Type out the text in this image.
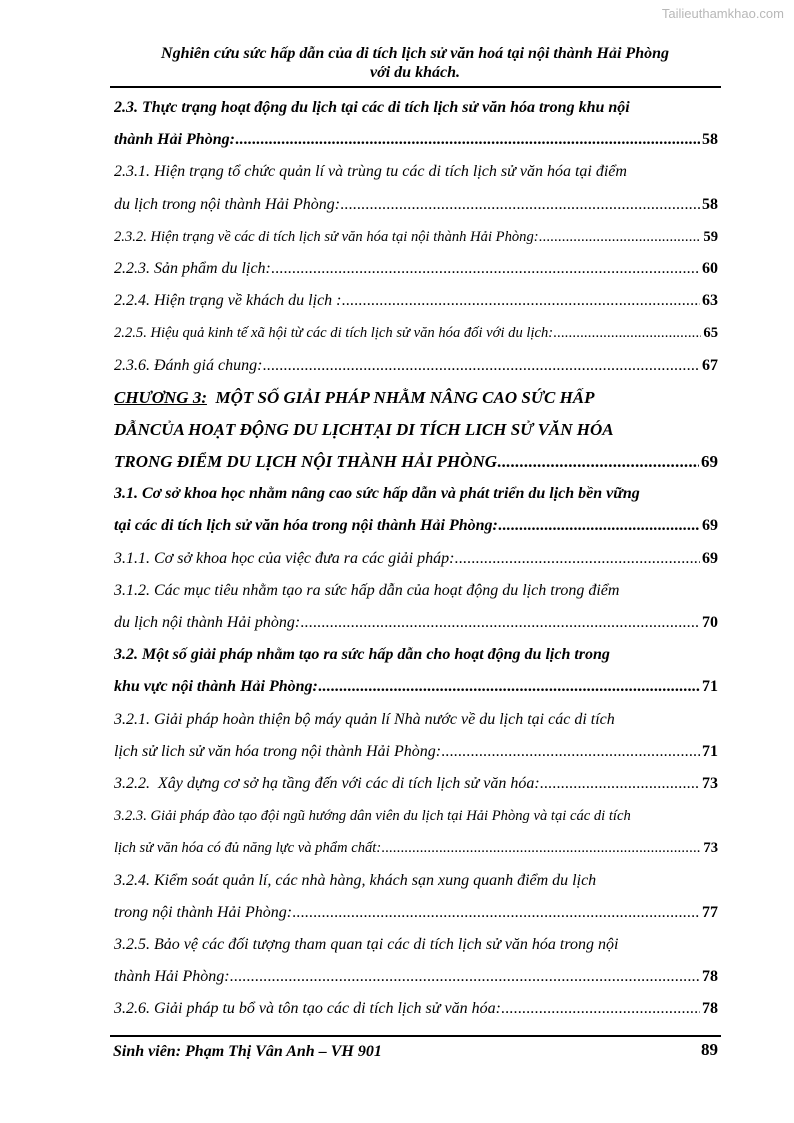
Tailieuthamkhao.com
Nghiên cứu sức hấp dẫn của di tích lịch sử văn hoá tại nội thành Hải Phòng
với du khách.
2.3. Thực trạng hoạt động du lịch tại các di tích lịch sử văn hóa trong khu nội
thành Hải Phòng: .....	58
2.3.1. Hiện trạng tổ chức quản lí và trùng tu các di tích lịch sử văn hóa tại điểm
du lịch trong nội thành Hải Phòng: .....	58
2.3.2. Hiện trạng về các di tích lịch sử văn hóa tại nội thành Hải Phòng: .....	59
2.2.3. Sản phẩm du lịch: .....	60
2.2.4. Hiện trạng về khách du lịch : .....	63
2.2.5. Hiệu quả kinh tế xã hội từ các di tích lịch sử văn hóa đối với du lịch: .....	65
2.3.6. Đánh giá chung: .....	67
CHƯƠNG 3: MỘT SỐ GIẢI PHÁP NHẰM NÂNG CAO SỨC HẤP
DẪNCỦA HOẠT ĐỘNG DU LỊCHTẠI DI TÍCH LICH SỬ VĂN HÓA
TRONG ĐIỂM DU LỊCH NỘI THÀNH HẢI PHÒNG .....	69
3.1. Cơ sở khoa học nhằm nâng cao sức hấp dẫn và phát triển du lịch bền vững
tại các di tích lịch sử văn hóa trong nội thành Hải Phòng: .....	69
3.1.1. Cơ sở khoa học của việc đưa ra các giải pháp: .....	69
3.1.2. Các mục tiêu nhằm tạo ra sức hấp dẫn của hoạt động du lịch trong điểm
du lịch nội thành Hải phòng: .....	70
3.2. Một số giải pháp nhằm tạo ra sức hấp dẫn cho hoạt động du lịch trong
khu vực nội thành Hải Phòng: .....	71
3.2.1. Giải pháp hoàn thiện bộ máy quản lí Nhà nước về du lịch tại các di tích
lịch sử lich sử văn hóa trong nội thành Hải Phòng: .....	71
3.2.2.  Xây dựng cơ sở hạ tầng đến với các di tích lịch sử văn hóa: .....	73
3.2.3. Giải pháp đào tạo đội ngũ hướng dân viên du lịch tại Hải Phòng và tại các di tích
lịch sử văn hóa có đủ năng lực và phẩm chất: .....	73
3.2.4. Kiểm soát quản lí, các nhà hàng, khách sạn xung quanh điểm du lịch
trong nội thành Hải Phòng: .....	77
3.2.5. Bảo vệ các đối tượng tham quan tại các di tích lịch sử văn hóa trong nội
thành Hải Phòng: .....	78
3.2.6. Giải pháp tu bổ và tôn tạo các di tích lịch sử văn hóa: .....	78
Sinh viên: Phạm Thị Vân Anh – VH 901	89
